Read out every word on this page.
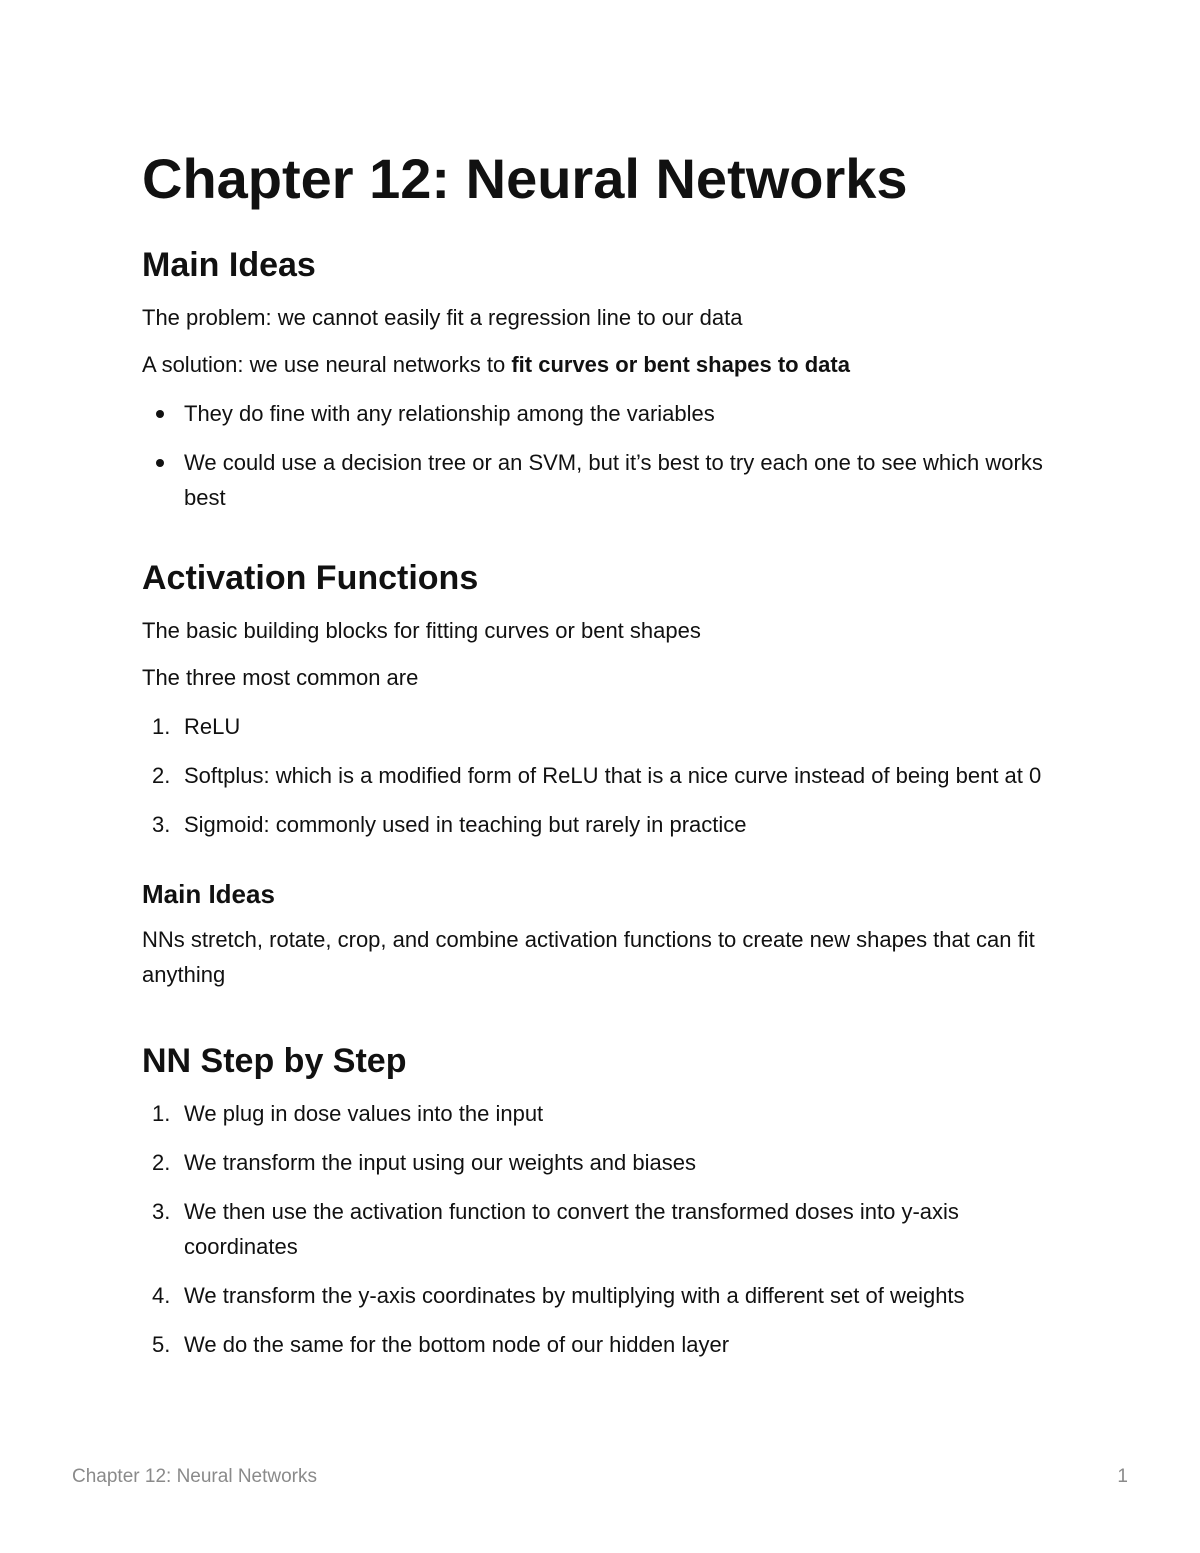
Chapter 12: Neural Networks
Main Ideas

The problem: we cannot easily fit a regression line to our data

A solution: we use neural networks to fit curves or bent shapes to data

They do fine with any relationship among the variables
We could use a decision tree or an SVM, but it’s best to try each one to see which works best
Activation Functions

The basic building blocks for fitting curves or bent shapes

The three most common are

1. ReLU
2. Softplus: which is a modified form of ReLU that is a nice curve instead of being bent at 0
3. Sigmoid: commonly used in teaching but rarely in practice
Main Ideas

NNs stretch, rotate, crop, and combine activation functions to create new shapes that can fit anything

NN Step by Step
1. We plug in dose values into the input
2. We transform the input using our weights and biases
3. We then use the activation function to convert the transformed doses into y-axis coordinates
4. We transform the y-axis coordinates by multiplying with a different set of weights
5. We do the same for the bottom node of our hidden layer
Chapter 12: Neural Networks	1
